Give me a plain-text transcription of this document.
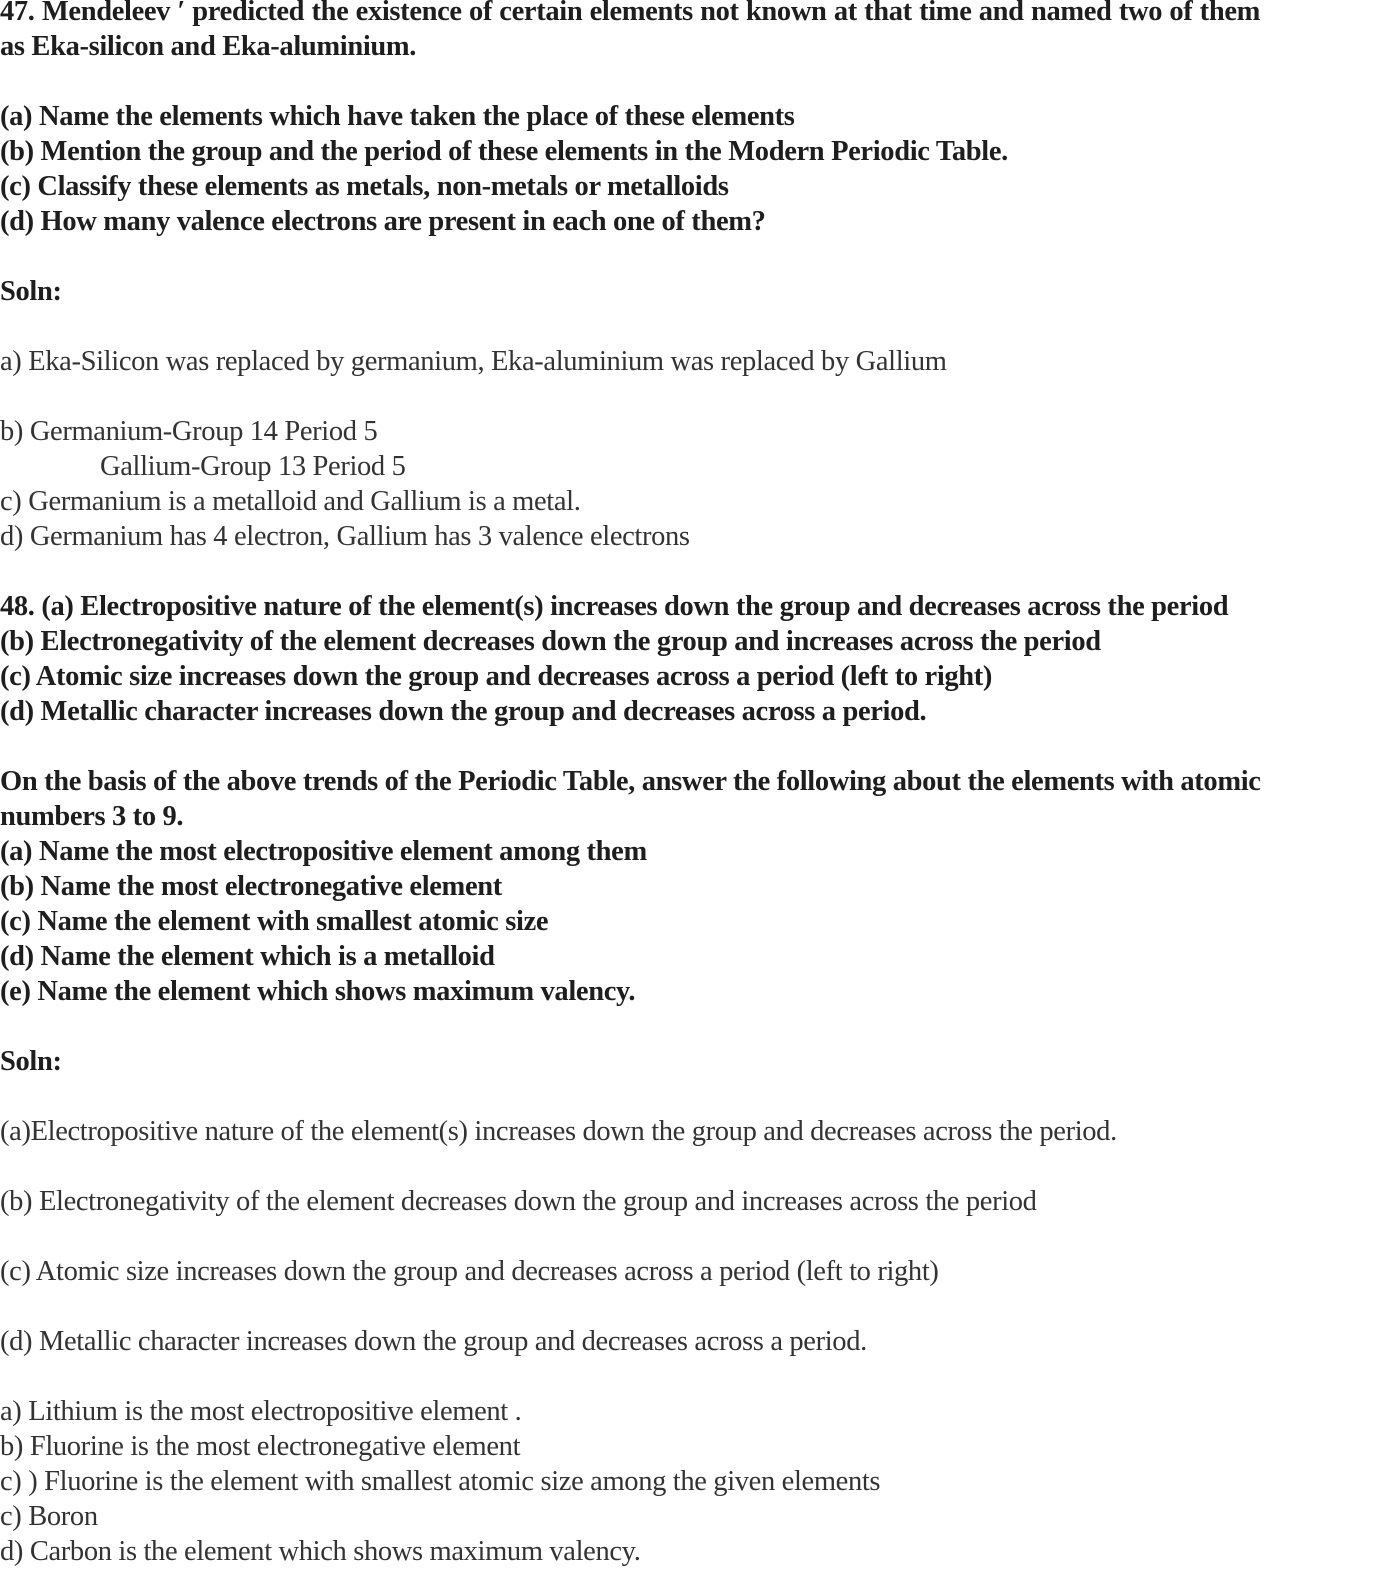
47. Mendeleev ′ predicted the existence of certain elements not known at that time and named two of them
as Eka-silicon and Eka-aluminium.
(a) Name the elements which have taken the place of these elements
(b) Mention the group and the period of these elements in the Modern Periodic Table.
(c) Classify these elements as metals, non-metals or metalloids
(d) How many valence electrons are present in each one of them?
Soln:
a) Eka-Silicon was replaced by germanium, Eka-aluminium was replaced by Gallium
b) Germanium-Group 14 Period 5
Gallium-Group 13 Period 5
c) Germanium is a metalloid and Gallium is a metal.
d) Germanium has 4 electron, Gallium has 3 valence electrons
48. (a) Electropositive nature of the element(s) increases down the group and decreases across the period
(b) Electronegativity of the element decreases down the group and increases across the period
(c) Atomic size increases down the group and decreases across a period (left to right)
(d) Metallic character increases down the group and decreases across a period.
On the basis of the above trends of the Periodic Table, answer the following about the elements with atomic
numbers 3 to 9.
(a) Name the most electropositive element among them
(b) Name the most electronegative element
(c) Name the element with smallest atomic size
(d) Name the element which is a metalloid
(e) Name the element which shows maximum valency.
Soln:
(a)Electropositive nature of the element(s) increases down the group and decreases across the period.
(b) Electronegativity of the element decreases down the group and increases across the period
(c) Atomic size increases down the group and decreases across a period (left to right)
(d) Metallic character increases down the group and decreases across a period.
a) Lithium is the most electropositive element .
b) Fluorine is the most electronegative element
c) ) Fluorine is the element with smallest atomic size among the given elements
c) Boron
d) Carbon is the element which shows maximum valency.
